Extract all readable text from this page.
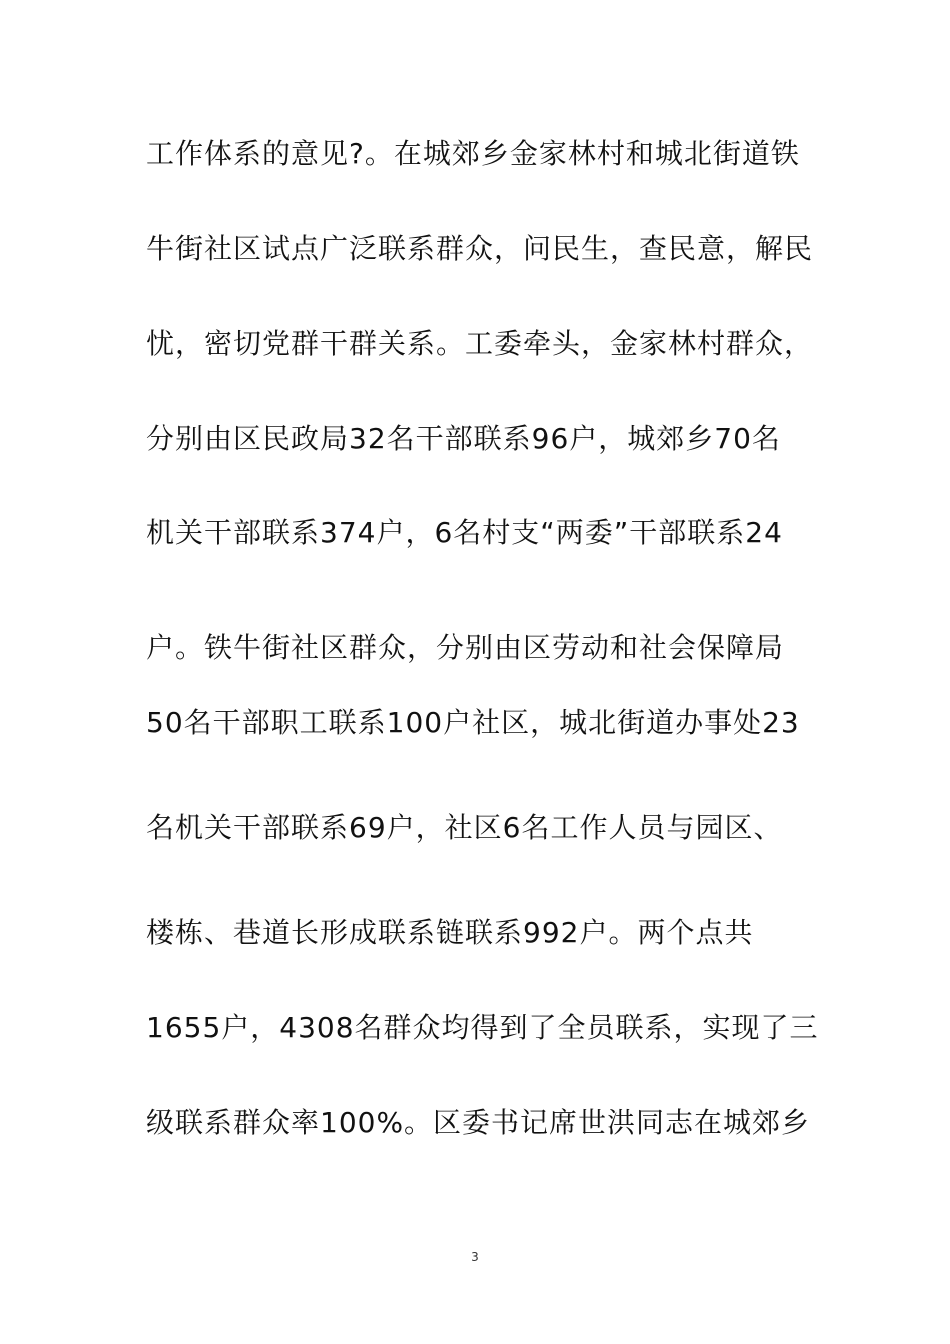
工作体系的意见?。在城郊乡金家林村和城北街道铁
牛街社区试点广泛联系群众，问民生，查民意，解民
忧，密切党群干群关系。工委牵头，金家林村群众，
分别由区民政局32名干部联系96户，城郊乡70名
机关干部联系374户，6名村支“两委”干部联系24
户。铁牛街社区群众，分别由区劳动和社会保障局
50名干部职工联系100户社区，城北街道办事处23
名机关干部联系69户，社区6名工作人员与园区、
楼栋、巷道长形成联系链联系992户。两个点共
1655户，4308名群众均得到了全员联系，实现了三
级联系群众率100%。区委书记席世洪同志在城郊乡
3
